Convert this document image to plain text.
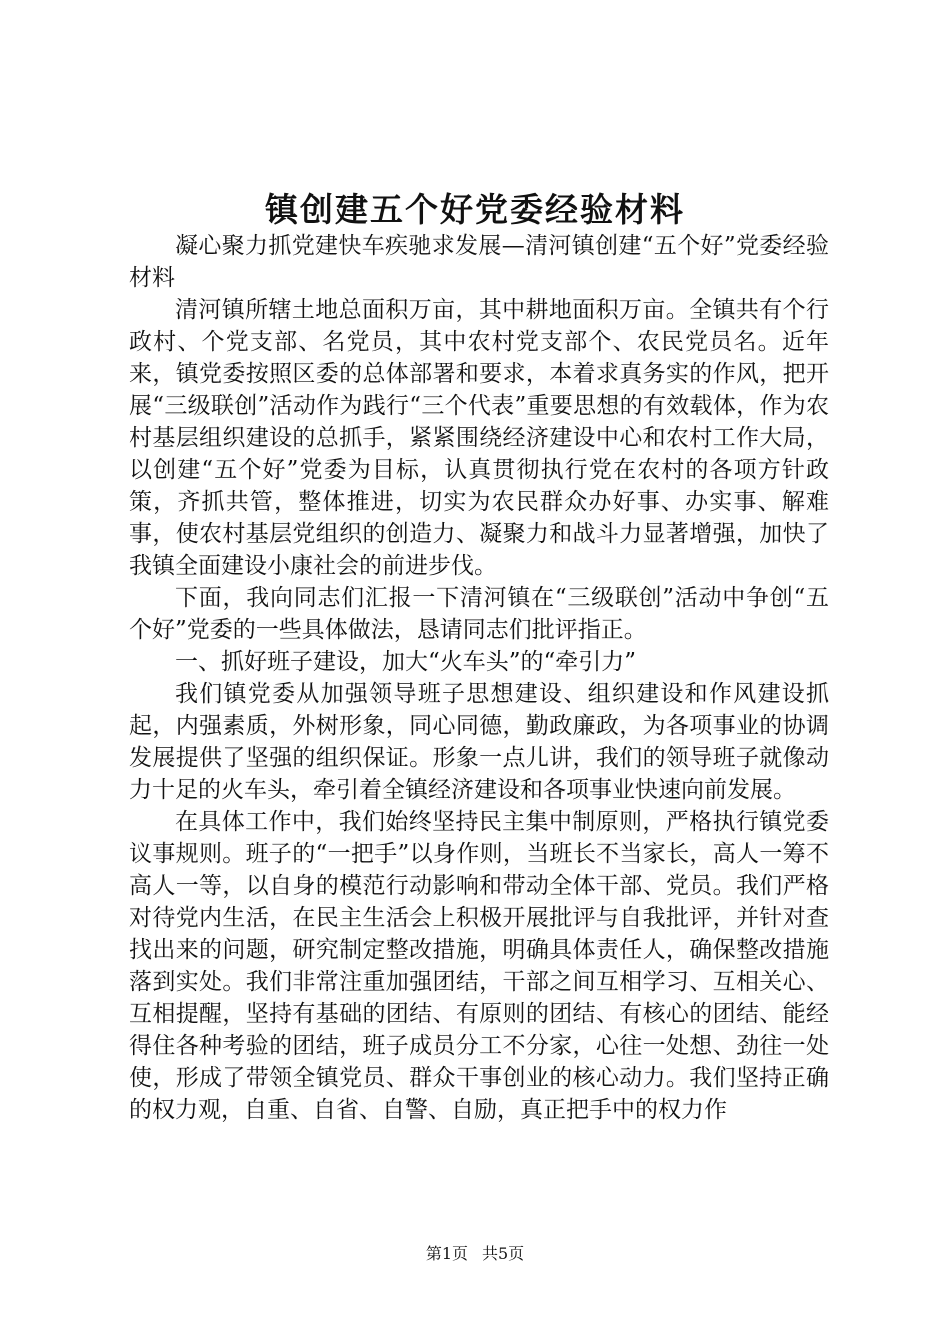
镇创建五个好党委经验材料

凝心聚力抓党建快车疾驰求发展—清河镇创建“五个好”党委经验材料

清河镇所辖土地总面积万亩，其中耕地面积万亩。全镇共有个行政村、个党支部、名党员，其中农村党支部个、农民党员名。近年来，镇党委按照区委的总体部署和要求，本着求真务实的作风，把开展“三级联创”活动作为践行“三个代表”重要思想的有效载体，作为农村基层组织建设的总抓手，紧紧围绕经济建设中心和农村工作大局，以创建“五个好”党委为目标，认真贯彻执行党在农村的各项方针政策，齐抓共管，整体推进，切实为农民群众办好事、办实事、解难事，使农村基层党组织的创造力、凝聚力和战斗力显著增强，加快了我镇全面建设小康社会的前进步伐。

下面，我向同志们汇报一下清河镇在“三级联创”活动中争创“五个好”党委的一些具体做法，恳请同志们批评指正。

一、抓好班子建设，加大“火车头”的“牵引力”

我们镇党委从加强领导班子思想建设、组织建设和作风建设抓起，内强素质，外树形象，同心同德，勤政廉政，为各项事业的协调发展提供了坚强的组织保证。形象一点儿讲，我们的领导班子就像动力十足的火车头，牵引着全镇经济建设和各项事业快速向前发展。

在具体工作中，我们始终坚持民主集中制原则，严格执行镇党委议事规则。班子的“一把手”以身作则，当班长不当家长，高人一筹不高人一等，以自身的模范行动影响和带动全体干部、党员。我们严格对待党内生活，在民主生活会上积极开展批评与自我批评，并针对查找出来的问题，研究制定整改措施，明确具体责任人，确保整改措施落到实处。我们非常注重加强团结，干部之间互相学习、互相关心、互相提醒，坚持有基础的团结、有原则的团结、有核心的团结、能经得住各种考验的团结，班子成员分工不分家，心往一处想、劲往一处使，形成了带领全镇党员、群众干事创业的核心动力。我们坚持正确的权力观，自重、自省、自警、自励，真正把手中的权力作

第1页 共5页
